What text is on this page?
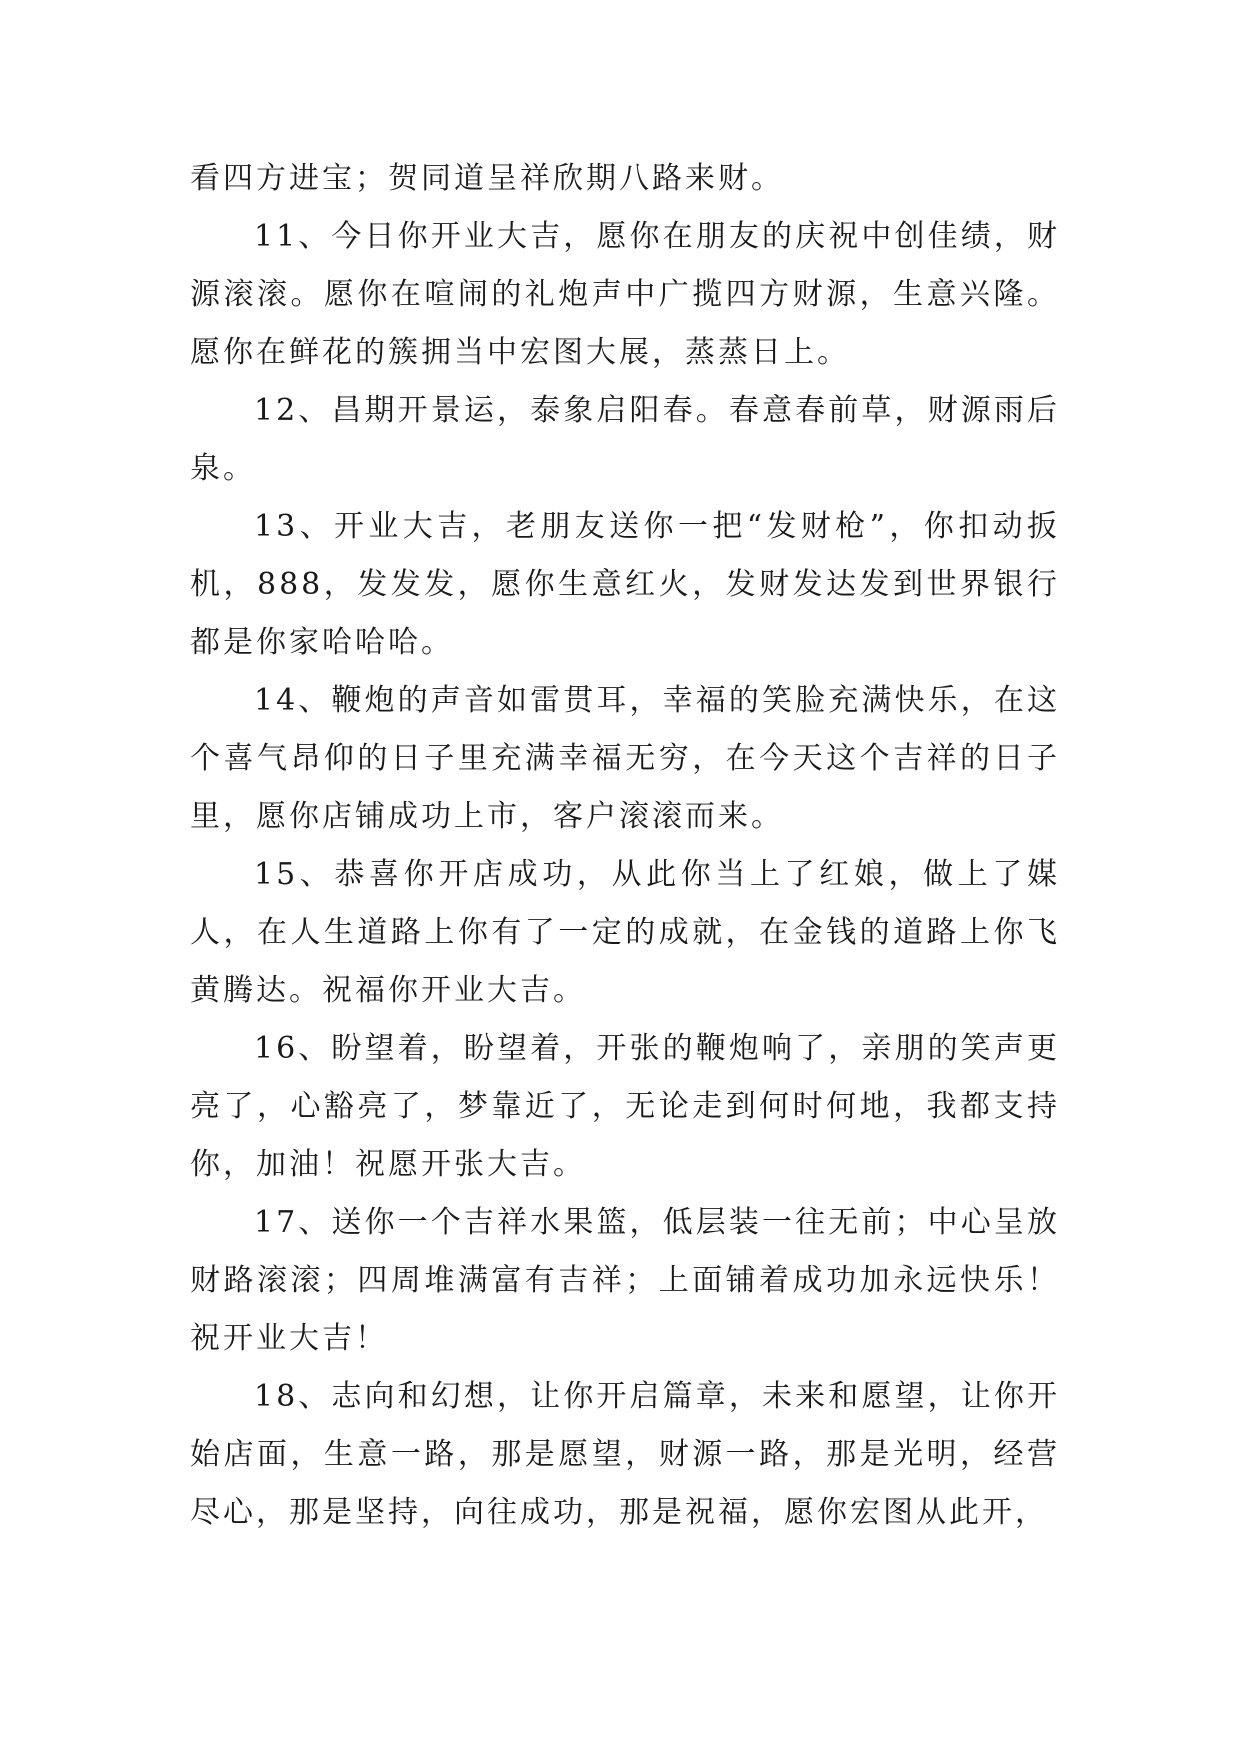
看四方进宝；贺同道呈祥欣期八路来财。

11、今日你开业大吉，愿你在朋友的庆祝中创佳绩，财源滚滚。愿你在喧闹的礼炮声中广揽四方财源，生意兴隆。愿你在鲜花的簇拥当中宏图大展，蒸蒸日上。

12、昌期开景运，泰象启阳春。春意春前草，财源雨后泉。

13、开业大吉，老朋友送你一把“发财枪”，你扣动扳机，888，发发发，愿你生意红火，发财发达发到世界银行都是你家哈哈哈。

14、鞭炮的声音如雷贯耳，幸福的笑脸充满快乐，在这个喜气昂仰的日子里充满幸福无穷，在今天这个吉祥的日子里，愿你店铺成功上市，客户滚滚而来。

15、恭喜你开店成功，从此你当上了红娘，做上了媒人，在人生道路上你有了一定的成就，在金钱的道路上你飞黄腾达。祝福你开业大吉。

16、盼望着，盼望着，开张的鞭炮响了，亲朋的笑声更亮了，心豁亮了，梦靠近了，无论走到何时何地，我都支持你，加油！祝愿开张大吉。

17、送你一个吉祥水果篮，低层装一往无前；中心呈放财路滚滚；四周堆满富有吉祥；上面铺着成功加永远快乐！祝开业大吉！

18、志向和幻想，让你开启篇章，未来和愿望，让你开始店面，生意一路，那是愿望，财源一路，那是光明，经营尽心，那是坚持，向往成功，那是祝福，愿你宏图从此开，
